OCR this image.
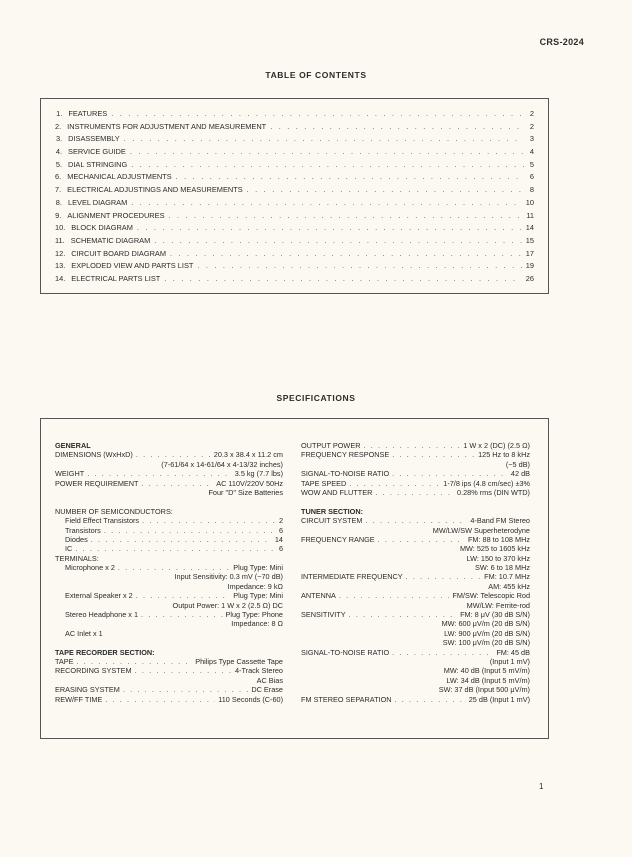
CRS-2024
TABLE OF CONTENTS
1. FEATURES . . .	2
2. INSTRUMENTS FOR ADJUSTMENT AND MEASUREMENT . . .	2
3. DISASSEMBLY . . .	3
4. SERVICE GUIDE . . .	4
5. DIAL STRINGING . . .	5
6. MECHANICAL ADJUSTMENTS . . .	6
7. ELECTRICAL ADJUSTINGS AND MEASUREMENTS . . .	8
8. LEVEL DIAGRAM . . .	10
9. ALIGNMENT PROCEDURES . . .	11
10. BLOCK DIAGRAM . . .	14
11. SCHEMATIC DIAGRAM . . .	15
12. CIRCUIT BOARD DIAGRAM . . .	17
13. EXPLODED VIEW AND PARTS LIST . . .	19
14. ELECTRICAL PARTS LIST . . .	26
SPECIFICATIONS
GENERAL
DIMENSIONS (WxHxD) . . .	20.3 x 38.4 x 11.2 cm
(7-61/64 x 14-61/64 x 4-13/32 inches)
WEIGHT . . .	3.5 kg (7.7 lbs)
POWER REQUIREMENT . . .	AC 110V/220V 50Hz
Four "D" Size Batteries
NUMBER OF SEMICONDUCTORS:
Field Effect Transistors . . .	2
Transistors . . .	6
Diodes . . .	14
IC . . .	6
TERMINALS:
Microphone x 2 . . .	Plug Type: Mini
Input Sensitivity: 0.3 mV (−70 dB)
Impedance: 9 kΩ
External Speaker x 2 . . .	Plug Type: Mini
Output Power: 1 W x 2 (2.5 Ω) DC
Stereo Headphone x 1 . . .	Plug Type: Phone
Impedance: 8 Ω
AC Inlet x 1
TAPE RECORDER SECTION:
TAPE . . .	Philips Type Cassette Tape
RECORDING SYSTEM . . .	4-Track Stereo
AC Bias
ERASING SYSTEM . . .	DC Erase
REW/FF TIME . . .	110 Seconds (C-60)
OUTPUT POWER . . .	1 W x 2 (DC) (2.5 Ω)
FREQUENCY RESPONSE . . .	125 Hz to 8 kHz
(−5 dB)
SIGNAL-TO-NOISE RATIO . . .	42 dB
TAPE SPEED . . .	1-7/8 ips (4.8 cm/sec) ±3%
WOW AND FLUTTER . . .	0.28% rms (DIN WTD)
TUNER SECTION:
CIRCUIT SYSTEM . . .	4-Band FM Stereo
MW/LW/SW Superheterodyne
FREQUENCY RANGE . . .	FM: 88 to 108 MHz
MW: 525 to 1605 kHz
LW: 150 to 370 kHz
SW: 6 to 18 MHz
INTERMEDIATE FREQUENCY . . .	FM: 10.7 MHz
AM: 455 kHz
ANTENNA . . .	FM/SW: Telescopic Rod
MW/LW: Ferrite-rod
SENSITIVITY . . .	FM: 8 μV (30 dB S/N)
MW: 600 μV/m (20 dB S/N)
LW: 900 μV/m (20 dB S/N)
SW: 100 μV/m (20 dB S/N)
SIGNAL-TO-NOISE RATIO . . .	FM: 45 dB
(Input 1 mV)
MW: 40 dB (Input 5 mV/m)
LW: 34 dB (Input 5 mV/m)
SW: 37 dB (Input 500 μV/m)
FM STEREO SEPARATION . . .	25 dB (Input 1 mV)
1
